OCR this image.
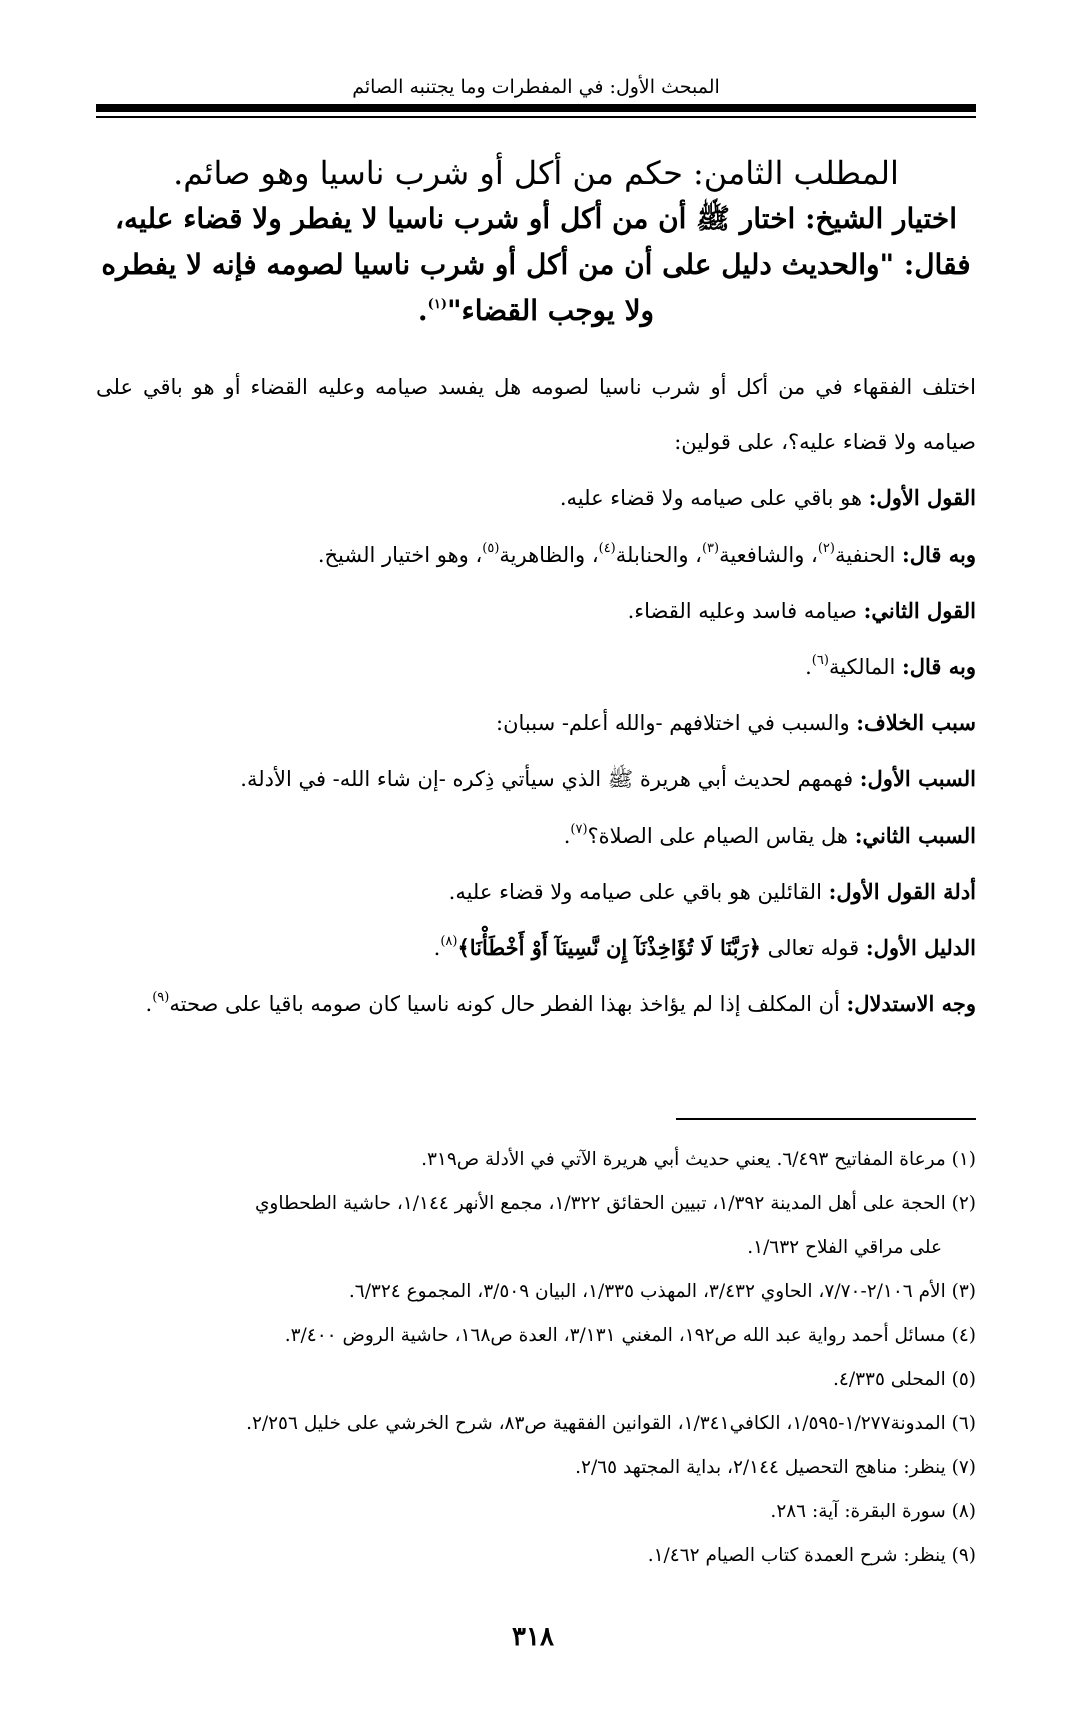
المبحث الأول: في المفطرات وما يجتنبه الصائم
المطلب الثامن: حكم من أكل أو شرب ناسيا وهو صائم.

اختيار الشيخ: اختار ﷺ أن من أكل أو شرب ناسيا لا يفطر ولا قضاء عليه،

فقال: "والحديث دليل على أن من أكل أو شرب ناسيا لصومه فإنه لا يفطره

ولا يوجب القضاء"$^{(١)}$.

اختلف الفقهاء في من أكل أو شرب ناسيا لصومه هل يفسد صيامه وعليه القضاء أو هو باقي على صيامه ولا قضاء عليه؟، على قولين:

القول الأول: هو باقي على صيامه ولا قضاء عليه.

وبه قال: الحنفية$^{(٢)}$، والشافعية$^{(٣)}$، والحنابلة$^{(٤)}$، والظاهرية$^{(٥)}$، وهو اختيار الشيخ.

القول الثاني: صيامه فاسد وعليه القضاء.

وبه قال: المالكية$^{(٦)}$.

سبب الخلاف: والسبب في اختلافهم -والله أعلم- سببان:

السبب الأول: فهمهم لحديث أبي هريرة ﷺ الذي سيأتي ذِكره -إن شاء الله- في الأدلة.

السبب الثاني: هل يقاس الصيام على الصلاة؟$^{(٧)}$.

أدلة القول الأول: القائلين هو باقي على صيامه ولا قضاء عليه.

الدليل الأول: قوله تعالى ﴿رَبَّنَا لَا تُؤَاخِذْنَآ إِن نَّسِينَآ أَوْ أَخْطَأْنَا﴾$^{(٨)}$.

وجه الاستدلال: أن المكلف إذا لم يؤاخذ بهذا الفطر حال كونه ناسيا كان صومه باقيا على صحته$^{(٩)}$.

(١) مرعاة المفاتيح ٦/٤٩٣. يعني حديث أبي هريرة الآتي في الأدلة ص٣١٩.

(٢) الحجة على أهل المدينة ١/٣٩٢، تبيين الحقائق ١/٣٢٢، مجمع الأنهر ١/١٤٤، حاشية الطحطاوي

على مراقي الفلاح ١/٦٣٢.

(٣) الأم ٢/١٠٦-٧/٧٠، الحاوي ٣/٤٣٢، المهذب ١/٣٣٥، البيان ٣/٥٠٩، المجموع ٦/٣٢٤.

(٤) مسائل أحمد رواية عبد الله ص١٩٢، المغني ٣/١٣١، العدة ص١٦٨، حاشية الروض ٣/٤٠٠.

(٥) المحلى ٤/٣٣٥.

(٦) المدونة١/٢٧٧-١/٥٩٥، الكافي١/٣٤١، القوانين الفقهية ص٨٣، شرح الخرشي على خليل ٢/٢٥٦.

(٧) ينظر: مناهج التحصيل ٢/١٤٤، بداية المجتهد ٢/٦٥.

(٨) سورة البقرة: آية: ٢٨٦.

(٩) ينظر: شرح العمدة كتاب الصيام ١/٤٦٢.

٣١٨
